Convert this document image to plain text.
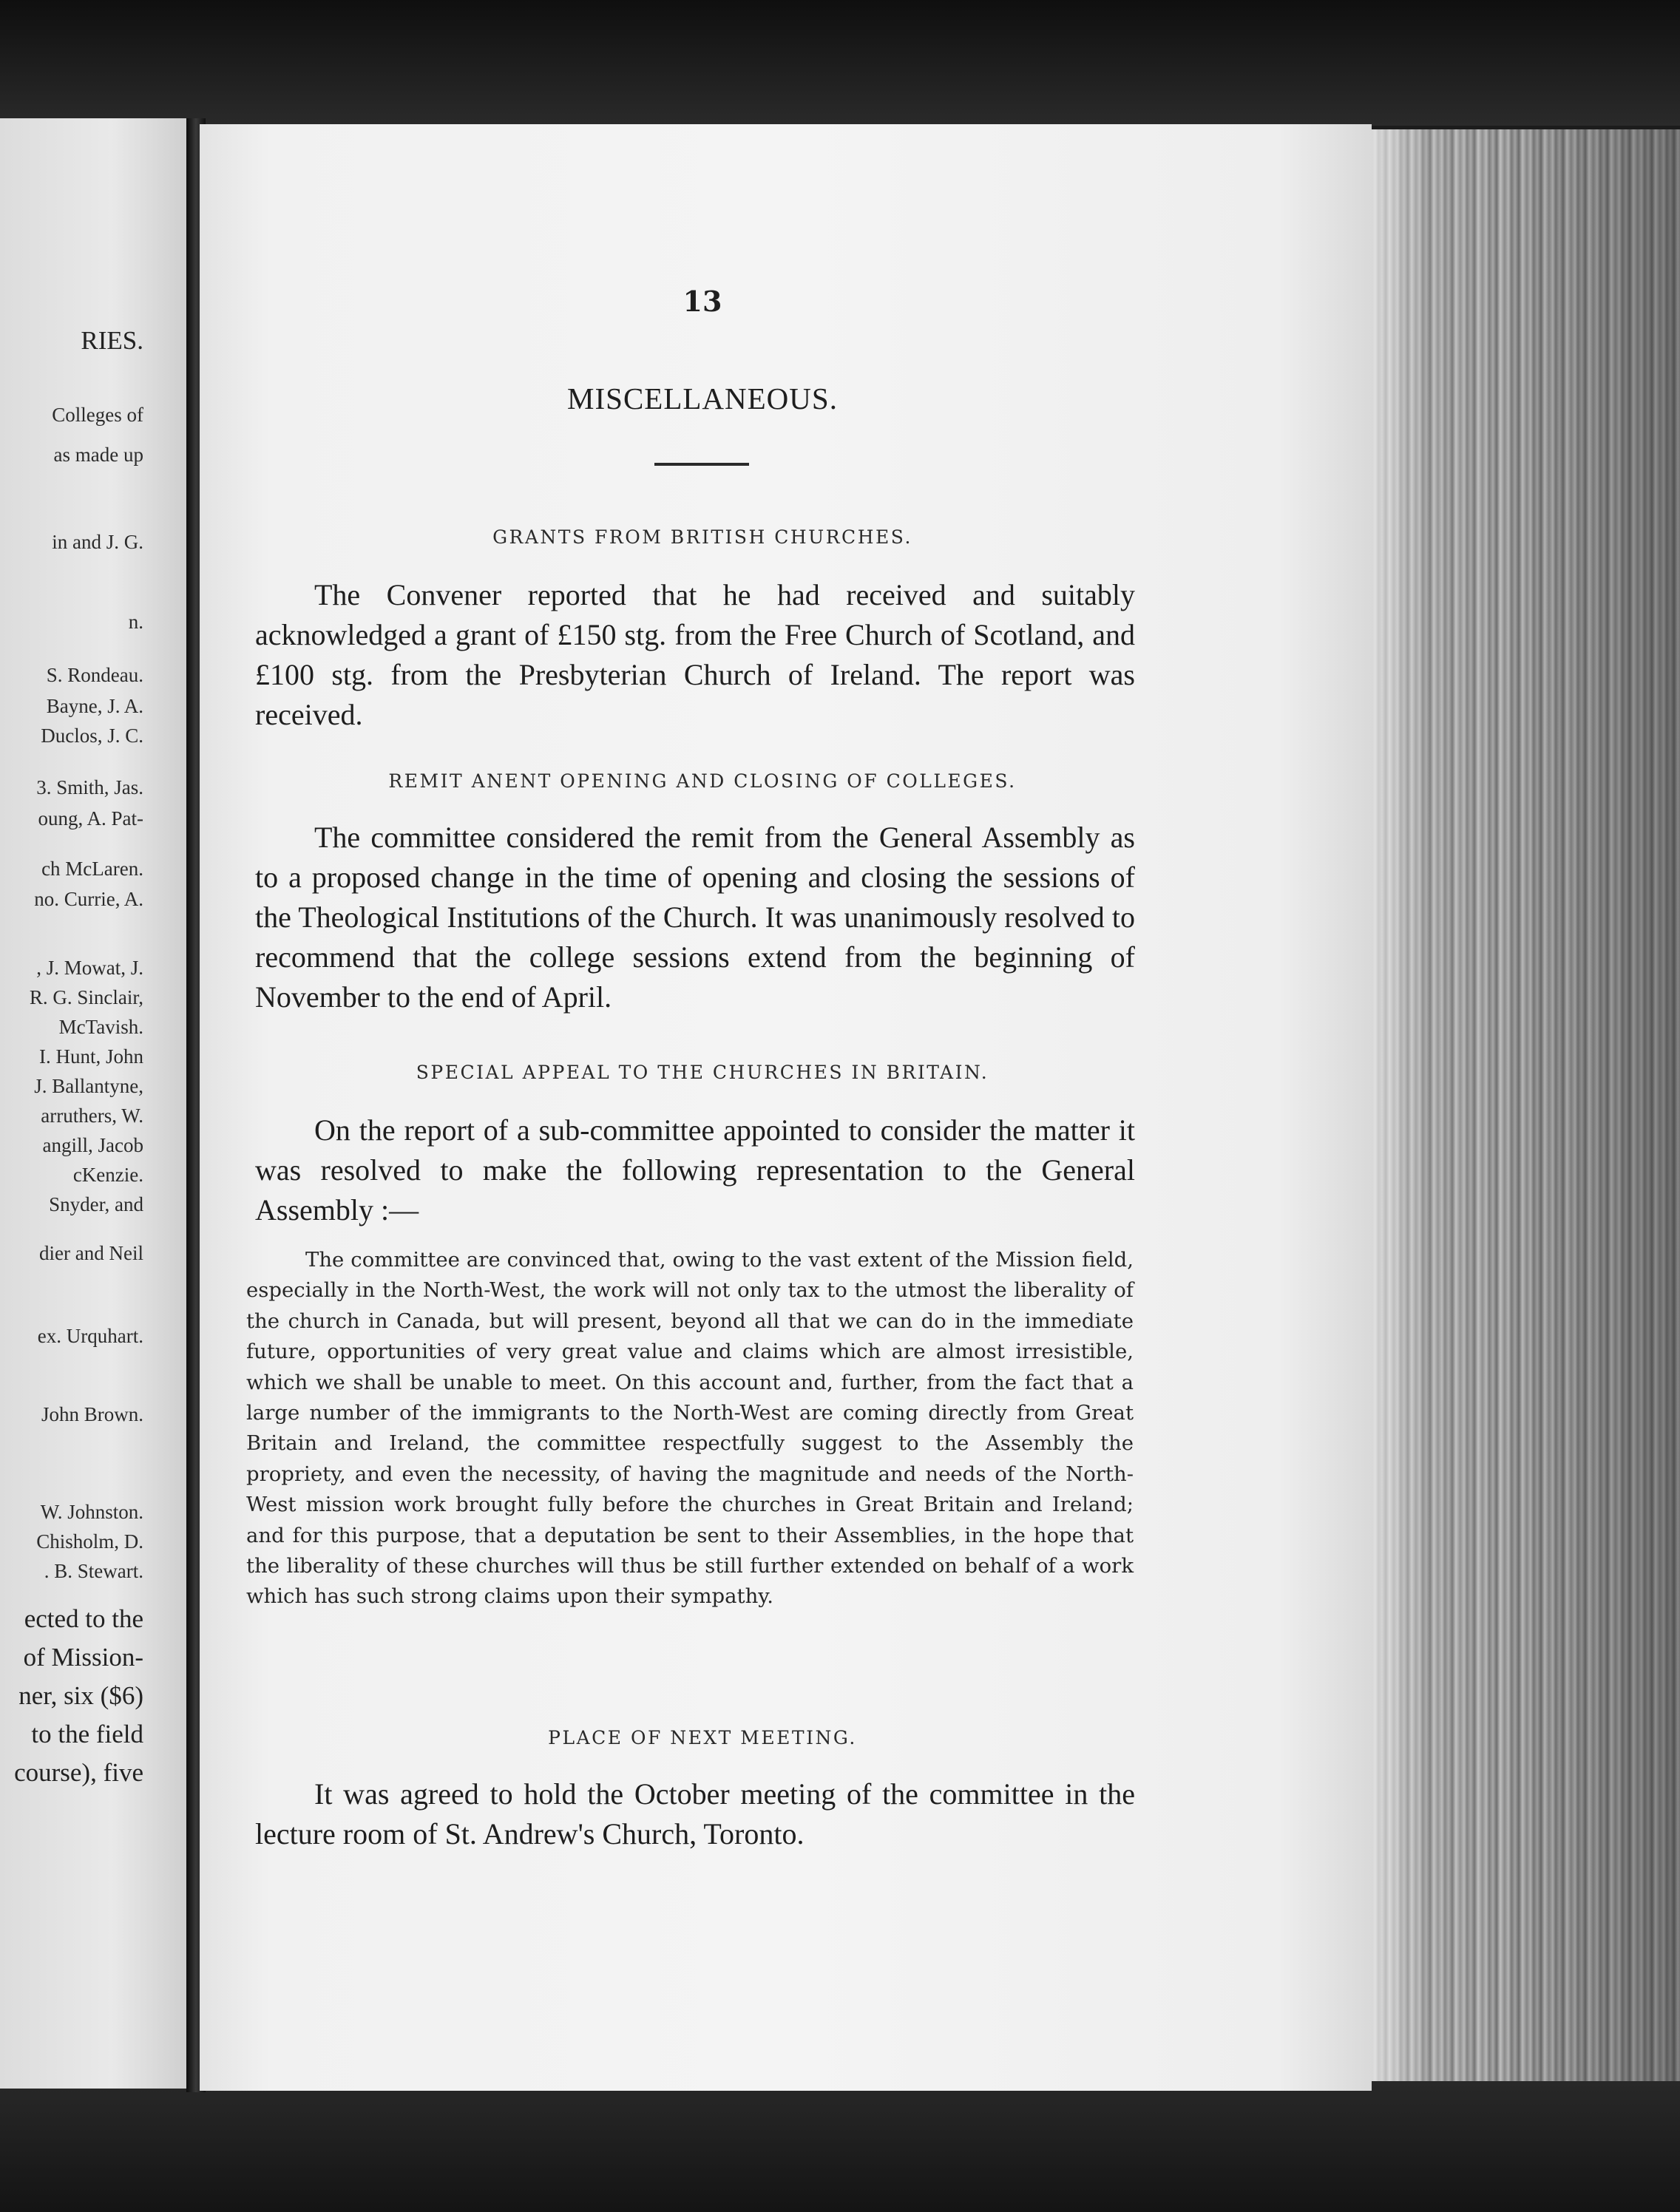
RIES.
Colleges of
as made up
in and J. G.
n.
S. Rondeau.
Bayne, J. A.
Duclos, J. C.
3. Smith, Jas.
oung, A. Pat-
ch McLaren.
no. Currie, A.
, J. Mowat, J.
R. G. Sinclair,
McTavish.
I. Hunt, John
J. Ballantyne,
arruthers, W.
angill, Jacob
cKenzie.
Snyder, and
dier and Neil
ex. Urquhart.
John Brown.
W. Johnston.
Chisholm, D.
. B. Stewart.
ected to the
of Mission-
ner, six ($6)
to the field
course), five
13
MISCELLANEOUS.
GRANTS FROM BRITISH CHURCHES.

The Convener reported that he had received and suitably acknowledged a grant of £150 stg. from the Free Church of Scotland, and £100 stg. from the Presbyterian Church of Ireland. The report was received.

REMIT ANENT OPENING AND CLOSING OF COLLEGES.

The committee considered the remit from the General Assembly as to a proposed change in the time of opening and closing the sessions of the Theological Institutions of the Church. It was unanimously resolved to recommend that the college sessions extend from the beginning of November to the end of April.

SPECIAL APPEAL TO THE CHURCHES IN BRITAIN.

On the report of a sub-committee appointed to consider the matter it was resolved to make the following representation to the General Assembly :—

The committee are convinced that, owing to the vast extent of the Mission field, especially in the North-West, the work will not only tax to the utmost the liberality of the church in Canada, but will present, beyond all that we can do in the immediate future, opportunities of very great value and claims which are almost irresistible, which we shall be unable to meet. On this account and, further, from the fact that a large number of the immigrants to the North-West are coming directly from Great Britain and Ireland, the committee respectfully suggest to the Assembly the propriety, and even the necessity, of having the magnitude and needs of the North-West mission work brought fully before the churches in Great Britain and Ireland; and for this purpose, that a deputation be sent to their Assemblies, in the hope that the liberality of these churches will thus be still further extended on behalf of a work which has such strong claims upon their sympathy.

PLACE OF NEXT MEETING.

It was agreed to hold the October meeting of the committee in the lecture room of St. Andrew's Church, Toronto.
